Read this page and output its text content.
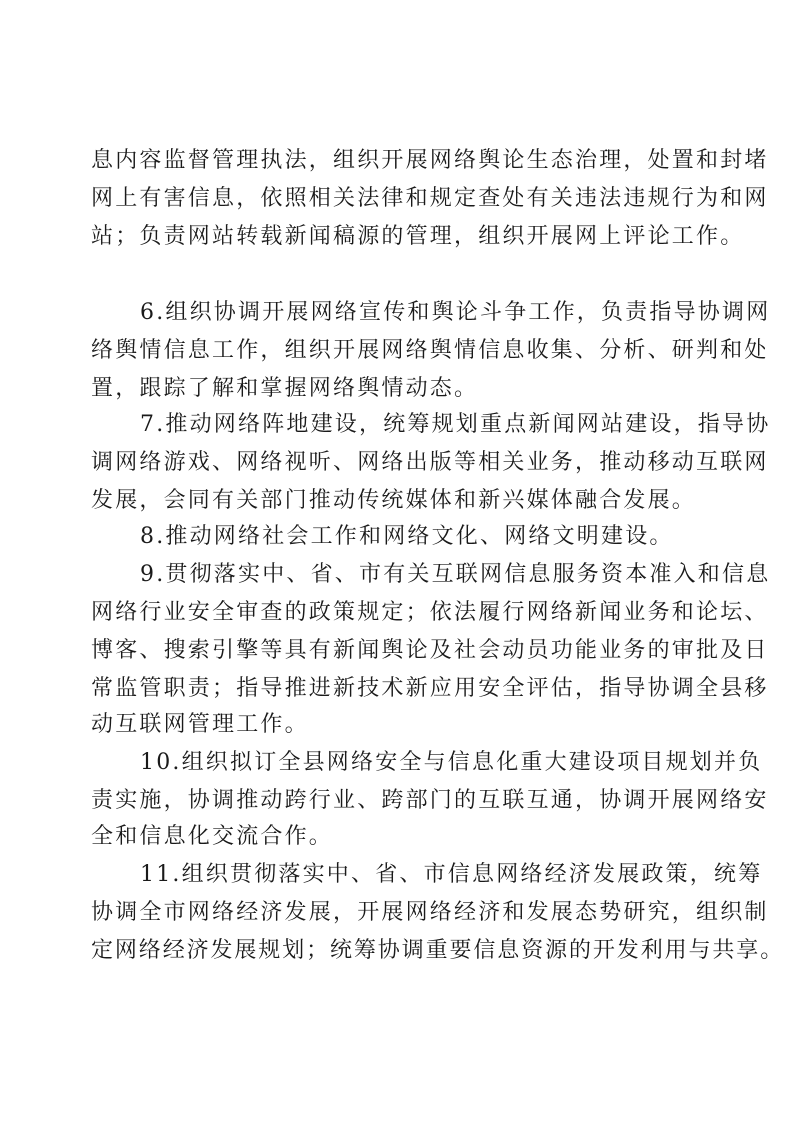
息内容监督管理执法，组织开展网络舆论生态治理，处置和封堵
网上有害信息，依照相关法律和规定查处有关违法违规行为和网
站；负责网站转载新闻稿源的管理，组织开展网上评论工作。
6.组织协调开展网络宣传和舆论斗争工作，负责指导协调网
络舆情信息工作，组织开展网络舆情信息收集、分析、研判和处
置，跟踪了解和掌握网络舆情动态。
7.推动网络阵地建设，统筹规划重点新闻网站建设，指导协
调网络游戏、网络视听、网络出版等相关业务，推动移动互联网
发展，会同有关部门推动传统媒体和新兴媒体融合发展。
8.推动网络社会工作和网络文化、网络文明建设。
9.贯彻落实中、省、市有关互联网信息服务资本准入和信息
网络行业安全审查的政策规定；依法履行网络新闻业务和论坛、
博客、搜索引擎等具有新闻舆论及社会动员功能业务的审批及日
常监管职责；指导推进新技术新应用安全评估，指导协调全县移
动互联网管理工作。
10.组织拟订全县网络安全与信息化重大建设项目规划并负
责实施，协调推动跨行业、跨部门的互联互通，协调开展网络安
全和信息化交流合作。
11.组织贯彻落实中、省、市信息网络经济发展政策，统筹
协调全市网络经济发展，开展网络经济和发展态势研究，组织制
定网络经济发展规划；统筹协调重要信息资源的开发利用与共享。
